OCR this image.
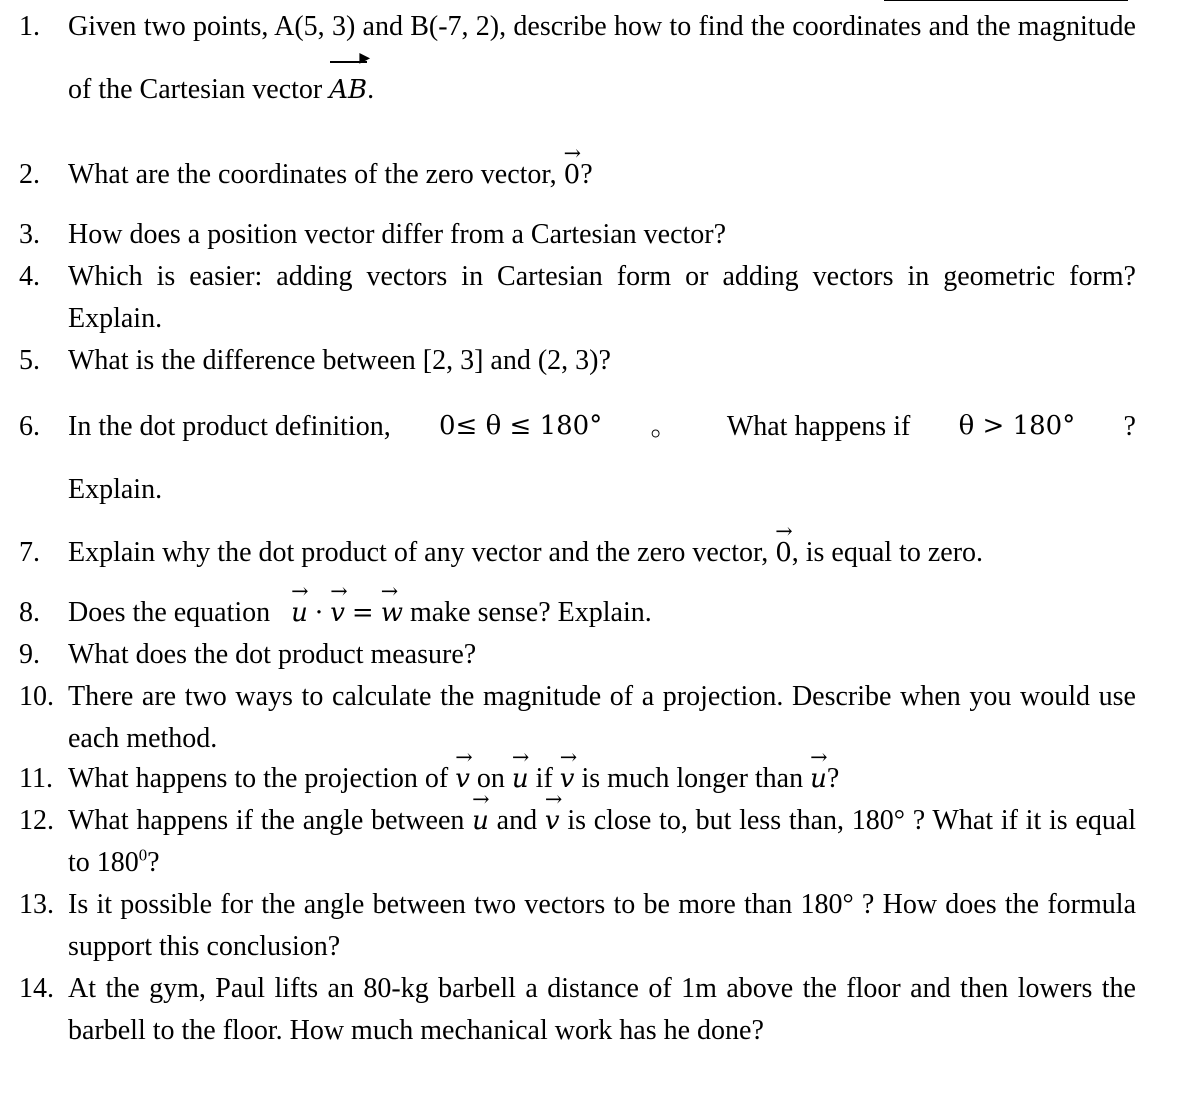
1.	Given two points, A(5, 3) and B(-7, 2), describe how to find the coordinates and the magnitude of the Cartesian vector AB
▶
.
2.	What are the coordinates of the zero vector, 0
→
?
3.	How does a position vector differ from a Cartesian vector?
4.	Which is easier: adding vectors in Cartesian form or adding vectors in geometric form? Explain.
5.	What is the difference between [2, 3] and (2, 3)?
6.	In the dot product definition, 0≤ θ ≤ 180° 。 What happens if θ > 180° ?
Explain.
7.	Explain why the dot product of any vector and the zero vector, 0
→
, is equal to zero.
8.	Does the equation u
→
· v
→
= w
→
make sense? Explain.
9.	What does the dot product measure?
10. There are two ways to calculate the magnitude of a projection. Describe when you would use each method.
11. What happens to the projection of v
→
on u
→
if v
→
is much longer than u
→
?
12. What happens if the angle between u
→
and v
→
is close to, but less than, 180° ? What if it is equal to $180^0$?
13. Is it possible for the angle between two vectors to be more than 180° ? How does the formula support this conclusion?
14. At the gym, Paul lifts an 80-kg barbell a distance of 1m above the floor and then lowers the barbell to the floor. How much mechanical work has he done?
